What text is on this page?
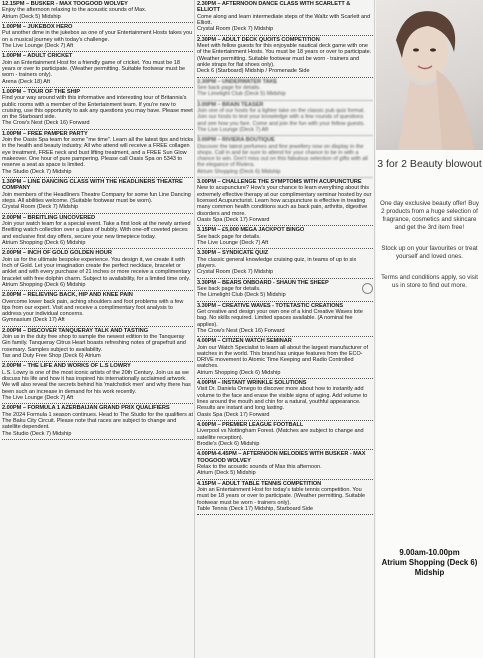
12.15PM – BUSKER - MAX TOOGOOD WOLVEY
Enjoy the afternoon relaxing to the acoustic sounds of Max.
Atrium (Deck 5) Midship
1.00PM – JUKEBOX HERO
Put another dime in the jukebox as one of your Entertainment Hosts takes you on a musical journey with today's challenge.
The Live Lounge (Deck 7) Aft
1.00PM – ADULT CRICKET
Join an Entertainment Host for a friendly game of cricket. You must be 18 years or over to participate. (Weather permitting. Suitable footwear must be worn - trainers only).
Arena (Deck 18) Aft
1.00PM – TOUR OF THE SHIP
Find your way around with this informative and interesting tour of Britannia's public rooms with a member of the Entertainment team. If you're new to cruising, use this opportunity to ask any questions you may have. Please meet on the Starboard side.
The Crow's Nest (Deck 16) Forward
1.00PM – FREE PAMPER PARTY
Join the Oasis Spa team for some "me time". Learn all the latest tips and tricks in the health and beauty industry. All who attend will receive a FREE collagen eye treatment, FREE neck and bust lifting treatment, and a FREE Sun Glow makeover. One hour of pure pampering. Please call Oasis Spa on 5343 to reserve a seat as space is limited.
The Studio (Deck 7) Midship
1.30PM – LINE DANCING CLASS WITH THE HEADLINERS THEATRE COMPANY
Join members of the Headliners Theatre Company for some fun Line Dancing steps. All abilities welcome. (Suitable footwear must be worn).
Crystal Room (Deck 7) Midship
2.00PM – BREITLING UNCOVERED
Join your watch team for a special event. Take a first look at the newly arrived Breitling watch collection over a glass of bubbly. With one-off coveted pieces and exclusive first day offers, secure your new timepiece today.
Atrium Shopping (Deck 6) Midship
2.00PM – INCH OF GOLD GOLDEN HOUR
Join us for the ultimate bespoke experience. You design it, we create it with Inch of Gold. Let your imagination create the perfect necklace, bracelet or anklet and with every purchase of 21 inches or more receive a complimentary bracelet with free dolphin charm. Subject to availability, for a limited time only.
Atrium Shopping (Deck 6) Midship
2.00PM – RELIEVING BACK, HIP AND KNEE PAIN
Overcome lower back pain, aching shoulders and foot problems with a few tips from our expert. Visit and receive a complimentary foot analysis to address your individual concerns.
Gymnasium (Deck 17) Aft
2.00PM – DISCOVER TANQUERAY TALK AND TASTING
Join us in the duty free shop to sample the newest edition to the Tanqueray Gin family. Tanqueray Citrus Heart boasts refreshing notes of grapefruit and rosemary. Samples subject to availability.
Tax and Duty Free Shop (Deck 6) Atrium
2.00PM – THE LIFE AND WORKS OF L.S LOWRY
L.S. Lowry is one of the most iconic artists of the 20th Century. Join us as we discuss his life and how it has inspired his internationally acclaimed artwork. We will also reveal the secrets behind his 'matchstick men' and why there has been such an increase in demand for his work recently.
The Live Lounge (Deck 7) Aft
2.00PM – FORMULA 1 AZERBAIJAN GRAND PRIX QUALIFIERS
The 2024 Formula 1 season continues. Head to The Studio for the qualifiers at The Baku City Circuit. Please note that races are subject to change and satellite dependent.
The Studio (Deck 7) Midship
2.30PM – AFTERNOON DANCE CLASS WITH SCARLETT & ELLIOTT
Come along and learn intermediate steps of the Waltz with Scarlett and Elliott.
Crystal Room (Deck 7) Midship
2.30PM – ADULT DECK QUOITS COMPETITION
Meet with fellow guests for this enjoyable nautical deck game with one of the Entertainment Hosts. You must be 18 years or over to participate. (Weather permitting. Suitable footwear must be worn - trainers and ankle straps for flat shoes only).
Deck 6 (Starboard) Midship / Promenade Side
2.30PM – UNDERWATER TAKE
See back page for details.
The Limelight Club (Deck 5) Midship
3.00PM – BRAIN TEASER
Join one of our hosts for a lighter take on the classic pub quiz format. Join our hosts to test your knowledge with a few rounds of questions and see how you fare. Come and join the fun with your fellow guests.
The Live Lounge (Deck 7) Aft
3.00PM – RIVIERA BOUTIQUE
Discover the latest perfumes and fine jewellery now on display in the shops. Call in and be sure to attend for your chance to be in with a chance to win. Don't miss out on this fabulous selection of gifts with all the elegance of Riviera.
Atrium Shopping (Deck 6) Midship
3.00PM – CHALLENGE THE SYMPTOMS WITH ACUPUNCTURE
New to acupuncture? How's your chance to learn everything about this extremely effective therapy at our complimentary seminar hosted by our licensed Acupuncturist. Learn how acupuncture is effective in treating many common health conditions such as back pain, arthritis, digestive disorders and more.
Oasis Spa (Deck 17) Forward
3.15PM – £5,000 MEGA JACKPOT BINGO
See back page for details.
The Live Lounge (Deck 7) Aft
3.30PM – SYNDICATE QUIZ
The classic general knowledge cruising quiz, in teams of up to six players.
Crystal Room (Deck 7) Midship
3.30PM – BEARS ONBOARD - SHAUN THE SHEEP
See back page for details.
The Limelight Club (Deck 5) Midship
3.30PM – CREATIVE WAVES - TOTETASTIC CREATIONS
Get creative and design your own one of a kind Creative Waves tote bag. No skills required. Limited spaces available. (A nominal fee applies).
The Crow's Nest (Deck 16) Forward
4.00PM – CITIZEN WATCH SEMINAR
Join our Watch Specialist to learn all about the largest manufacturer of watches in the world. This brand has unique features from the ECO-DRIVE movement to Atomic Time Keeping and Radio Controlled watches.
Atrium Shopping (Deck 6) Midship
4.00PM – INSTANT WRINKLE SOLUTIONS
Visit Dr. Daniela Ornego to discover more about how to instantly add volume to the face and erase the visible signs of aging. Add volume to lines around the mouth and chin for a natural, youthful appearance. Results are instant and long lasting.
Oasis Spa (Deck 17) Forward
4.00PM – PREMIER LEAGUE FOOTBALL
Liverpool vs Nottingham Forest. (Matches are subject to change and satellite reception).
Brodie's (Deck 6) Midship
4.00PM-4.45PM – AFTERNOON MELODIES WITH BUSKER - MAX TOOGOOD WOLVEY
Relax to the acoustic sounds of Max this afternoon.
Atrium (Deck 5) Midship
4.15PM – ADULT TABLE TENNIS COMPETITION
Join an Entertainment Host for today's table tennis competition. You must be 18 years or over to participate. (Weather permitting. Suitable footwear must be worn - trainers only).
Table Tennis (Deck 17) Midship, Starboard Side
3 for 2 Beauty blowout
One day exclusive beauty offer! Buy 2 products from a huge selection of fragrance, cosmetics and skincare and get the 3rd item free!
Stock up on your favourites or treat yourself and loved ones.
Terms and conditions apply, so visit us in store to find out more.
9.00am-10.00pm
Atrium Shopping (Deck 6) Midship
